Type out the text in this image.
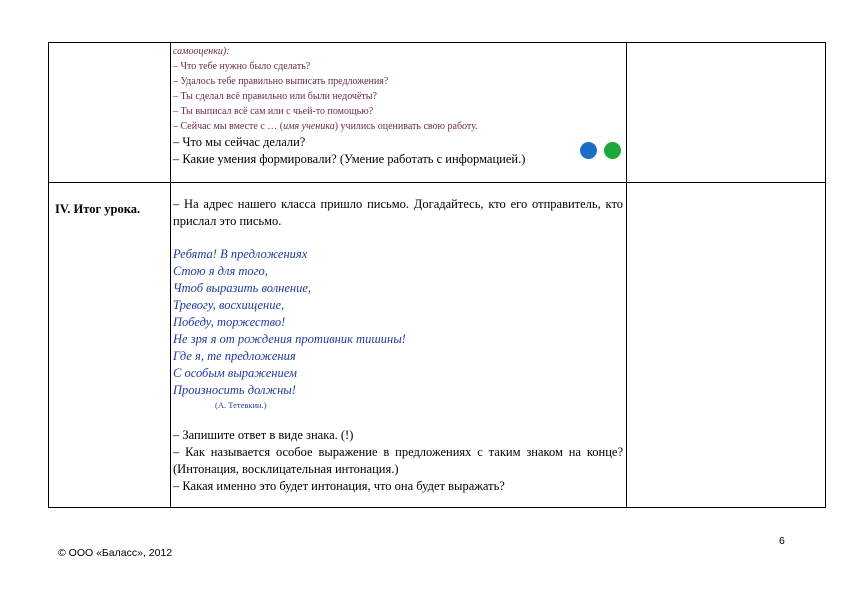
самооценки):
– Что тебе нужно было сделать?
– Удалось тебе правильно выписать предложения?
– Ты сделал всё правильно или были недочёты?
– Ты выписал всё сам или с чьей-то помощью?
– Сейчас мы вместе с … (имя ученика) учились оценивать свою работу.
– Что мы сейчас делали?
– Какие умения формировали? (Умение работать с информацией.)
IV. Итог урока.	– На адрес нашего класса пришло письмо. Догадайтесь, кто его отправитель, кто прислал это письмо.
Ребята! В предложениях
Стою я для того,
Чтоб выразить волнение,
Тревогу, восхищение,
Победу, торжество!
Не зря я от рождения противник тишины!
Где я, те предложения
С особым выражением
Произносить должны!
(А. Тетевкин.)
– Запишите ответ в виде знака. (!)
– Как называется особое выражение в предложениях с таким знаком на конце? (Интонация, восклицательная интонация.)
– Какая именно это будет интонация, что она будет выражать?
6
© ООО «Баласс», 2012
